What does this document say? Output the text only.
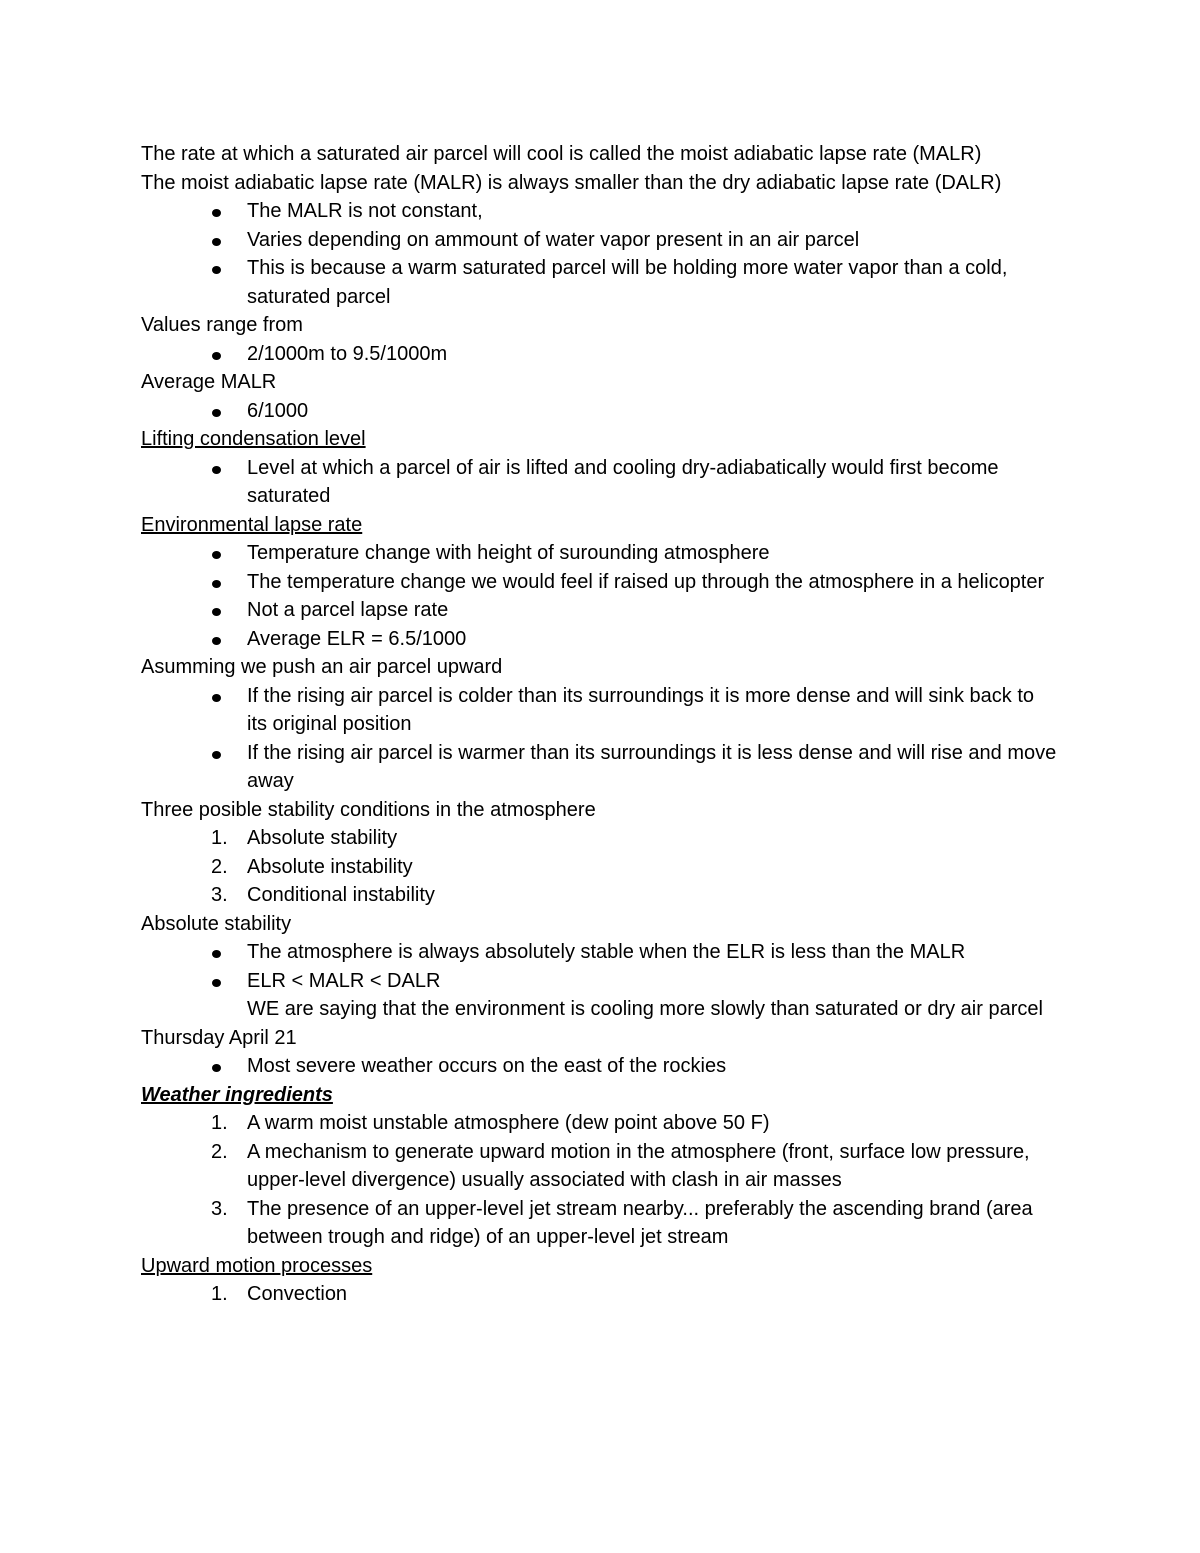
The rate at which a saturated air parcel will cool is called the moist adiabatic lapse rate (MALR)

The moist adiabatic lapse rate (MALR) is always smaller than the dry adiabatic lapse rate (DALR)

The MALR is not constant,
Varies depending on ammount of water vapor present in an air parcel
This is because a warm saturated parcel will be holding more water vapor than a cold, saturated parcel

Values range from

2/1000m to 9.5/1000m

Average MALR

6/1000

Lifting condensation level

Level at which a parcel of air is lifted and cooling dry-adiabatically would first become saturated

Environmental lapse rate

Temperature change with height of surounding atmosphere
The temperature change we would feel if raised up through the atmosphere in a helicopter
Not a parcel lapse rate
Average ELR = 6.5/1000

Asumming we push an air parcel upward

If the rising air parcel is colder than its surroundings it is more dense and will sink back to its original position
If the rising air parcel is warmer than its surroundings it is less dense and will rise and move away

Three posible stability conditions in the atmosphere

1. Absolute stability
2. Absolute instability
3. Conditional instability

Absolute stability

The atmosphere is always absolutely stable when the ELR is less than the MALR
ELR < MALR < DALR

WE are saying that the environment is cooling more slowly than saturated or dry air parcel

Thursday April 21

Most severe weather occurs on the east of the rockies

Weather ingredients

1. A warm moist unstable atmosphere (dew point above 50 F)
2. A mechanism to generate upward motion in the atmosphere (front, surface low pressure, upper-level divergence) usually associated with clash in air masses
3. The presence of an upper-level jet stream nearby... preferably the ascending brand (area between trough and ridge) of an upper-level jet stream

Upward motion processes

1. Convection
